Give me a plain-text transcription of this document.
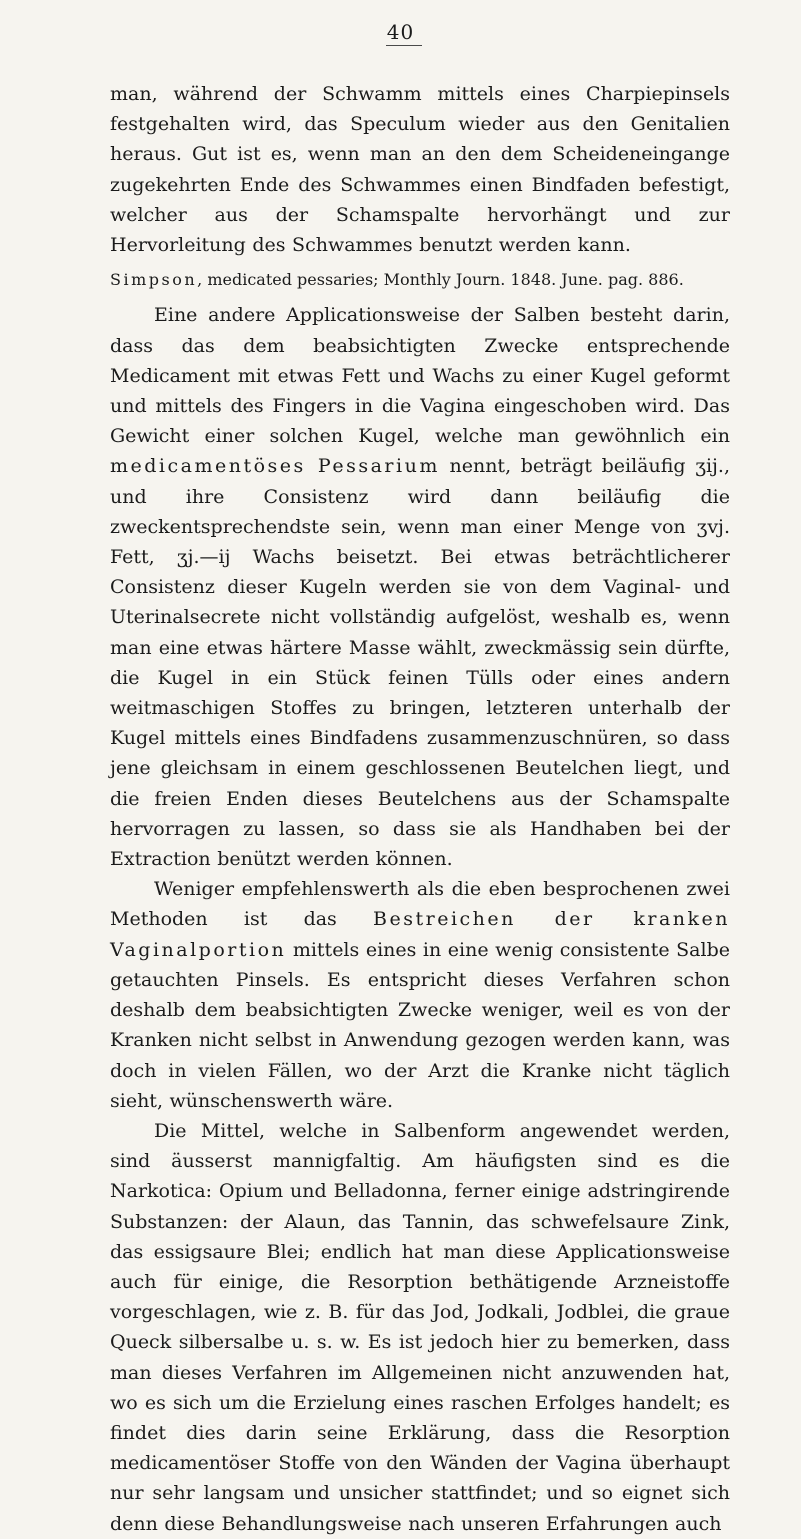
40

man, während der Schwamm mittels eines Charpiepinsels festgehalten wird, das Speculum wieder aus den Genitalien heraus. Gut ist es, wenn man an den dem Scheideneingange zugekehrten Ende des Schwammes einen Bindfaden befestigt, welcher aus der Schamspalte hervorhängt und zur Hervorleitung des Schwammes benutzt werden kann.

Simpson, medicated pessaries; Monthly Journ. 1848. June. pag. 886.

Eine andere Applicationsweise der Salben besteht darin, dass das dem beabsichtigten Zwecke entsprechende Medicament mit etwas Fett und Wachs zu einer Kugel geformt und mittels des Fingers in die Vagina eingeschoben wird. Das Gewicht einer solchen Kugel, welche man gewöhnlich ein medicamentöses Pessarium nennt, beträgt beiläufig ʒij., und ihre Consistenz wird dann beiläufig die zweckentsprechendste sein, wenn man einer Menge von ʒvj. Fett, ʒj.—ij Wachs beisetzt. Bei etwas beträchtlicherer Consistenz dieser Kugeln werden sie von dem Vaginal- und Uterinalsecrete nicht vollständig aufgelöst, weshalb es, wenn man eine etwas härtere Masse wählt, zweckmässig sein dürfte, die Kugel in ein Stück feinen Tülls oder eines andern weitmaschigen Stoffes zu bringen, letzteren unterhalb der Kugel mittels eines Bindfadens zusammenzuschnüren, so dass jene gleichsam in einem geschlossenen Beutelchen liegt, und die freien Enden dieses Beutelchens aus der Schamspalte hervorragen zu lassen, so dass sie als Handhaben bei der Extraction benützt werden können.

Weniger empfehlenswerth als die eben besprochenen zwei Methoden ist das Bestreichen der kranken Vaginalportion mittels eines in eine wenig consistente Salbe getauchten Pinsels. Es entspricht dieses Verfahren schon deshalb dem beabsichtigten Zwecke weniger, weil es von der Kranken nicht selbst in Anwendung gezogen werden kann, was doch in vielen Fällen, wo der Arzt die Kranke nicht täglich sieht, wünschenswerth wäre.

Die Mittel, welche in Salbenform angewendet werden, sind äusserst mannigfaltig. Am häufigsten sind es die Narkotica: Opium und Belladonna, ferner einige adstringirende Substanzen: der Alaun, das Tannin, das schwefelsaure Zink, das essigsaure Blei; endlich hat man diese Applicationsweise auch für einige, die Resorption bethätigende Arzneistoffe vorgeschlagen, wie z. B. für das Jod, Jodkali, Jodblei, die graue Queck silbersalbe u. s. w. Es ist jedoch hier zu bemerken, dass man dieses Verfahren im Allgemeinen nicht anzuwenden hat, wo es sich um die Erzielung eines raschen Erfolges handelt; es findet dies darin seine Erklärung, dass die Resorption medicamentöser Stoffe von den Wänden der Vagina überhaupt nur sehr langsam und unsicher stattfindet; und so eignet sich denn diese Behandlungsweise nach unseren Erfahrungen auch
